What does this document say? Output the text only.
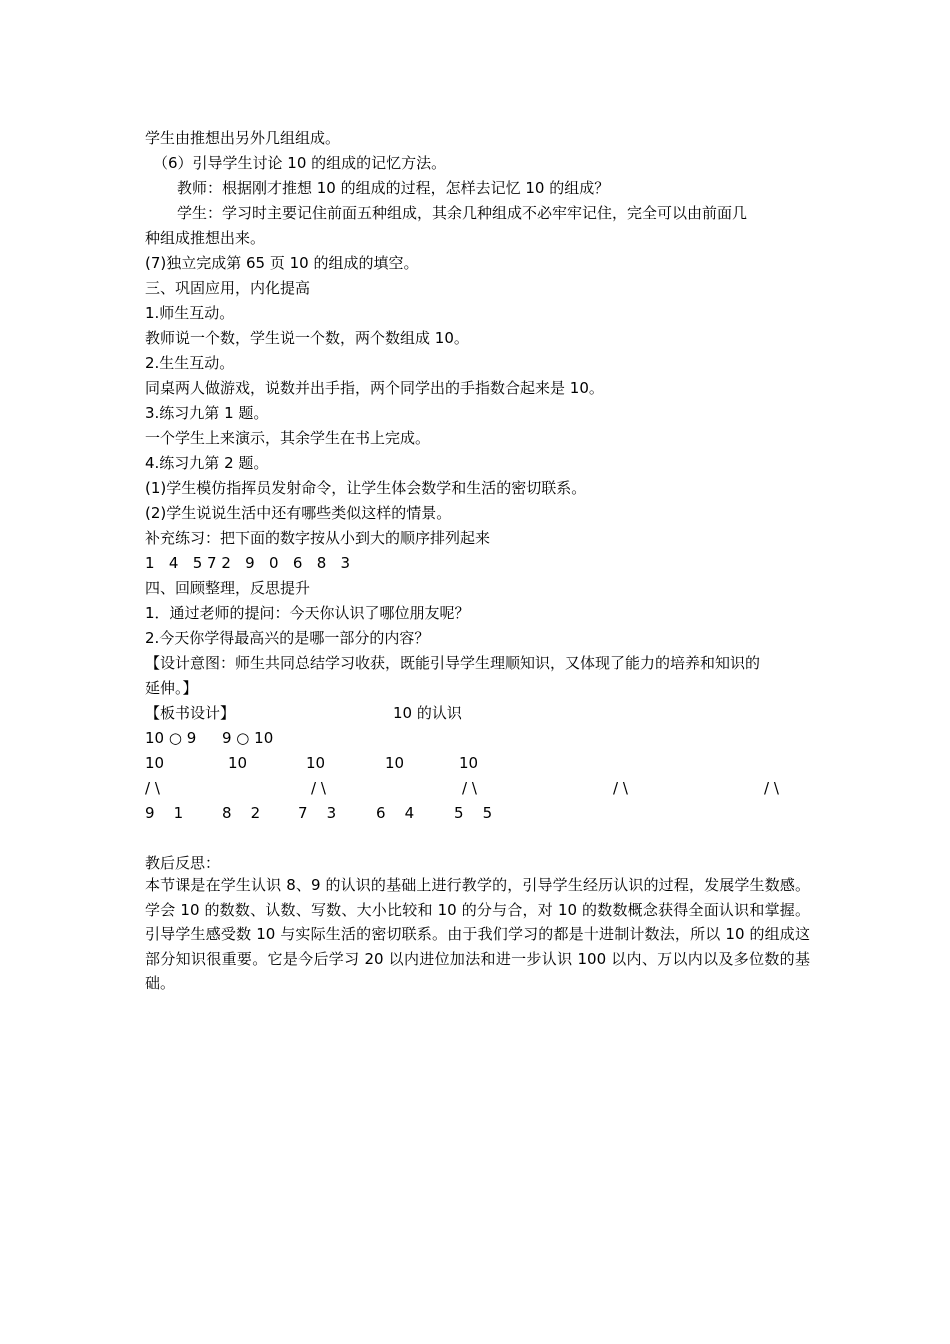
学生由推想出另外几组组成。
（6）引导学生讨论 10 的组成的记忆方法。
教师：根据刚才推想 10 的组成的过程，怎样去记忆 10 的组成？
学生：学习时主要记住前面五种组成，其余几种组成不必牢牢记住，完全可以由前面几
种组成推想出来。
(7)独立完成第 65 页 10 的组成的填空。
三、巩固应用，内化提高
1.师生互动。
教师说一个数，学生说一个数，两个数组成 10。
2.生生互动。
同桌两人做游戏，说数并出手指，两个同学出的手指数合起来是 10。
3.练习九第 1 题。
一个学生上来演示，其余学生在书上完成。
4.练习九第 2 题。
(1)学生模仿指挥员发射命令，让学生体会数学和生活的密切联系。
(2)学生说说生活中还有哪些类似这样的情景。
补充练习：把下面的数字按从小到大的顺序排列起来
1   4   5 7 2   9   0   6   8   3
四、回顾整理，反思提升
1．通过老师的提问：今天你认识了哪位朋友呢？
2.今天你学得最高兴的是哪一部分的内容？
【设计意图：师生共同总结学习收获，既能引导学生理顺知识，又体现了能力的培养和知识的
延伸。】
【板书设计】	10 的认识
10 ○ 9 9 ○ 10
10	10	10	10	10
/ \	/ \	/ \	/ \	/ \
9    1	8    2	7    3	6    4	5    5
教后反思：
本节课是在学生认识 8、9 的认识的基础上进行教学的，引导学生经历认识的过程，发展学生数感。学会 10 的数数、认数、写数、大小比较和 10 的分与合，对 10 的数数概念获得全面认识和掌握。引导学生感受数 10 与实际生活的密切联系。由于我们学习的都是十进制计数法，所以 10 的组成这部分知识很重要。它是今后学习 20 以内进位加法和进一步认识 100 以内、万以内以及多位数的基础。
